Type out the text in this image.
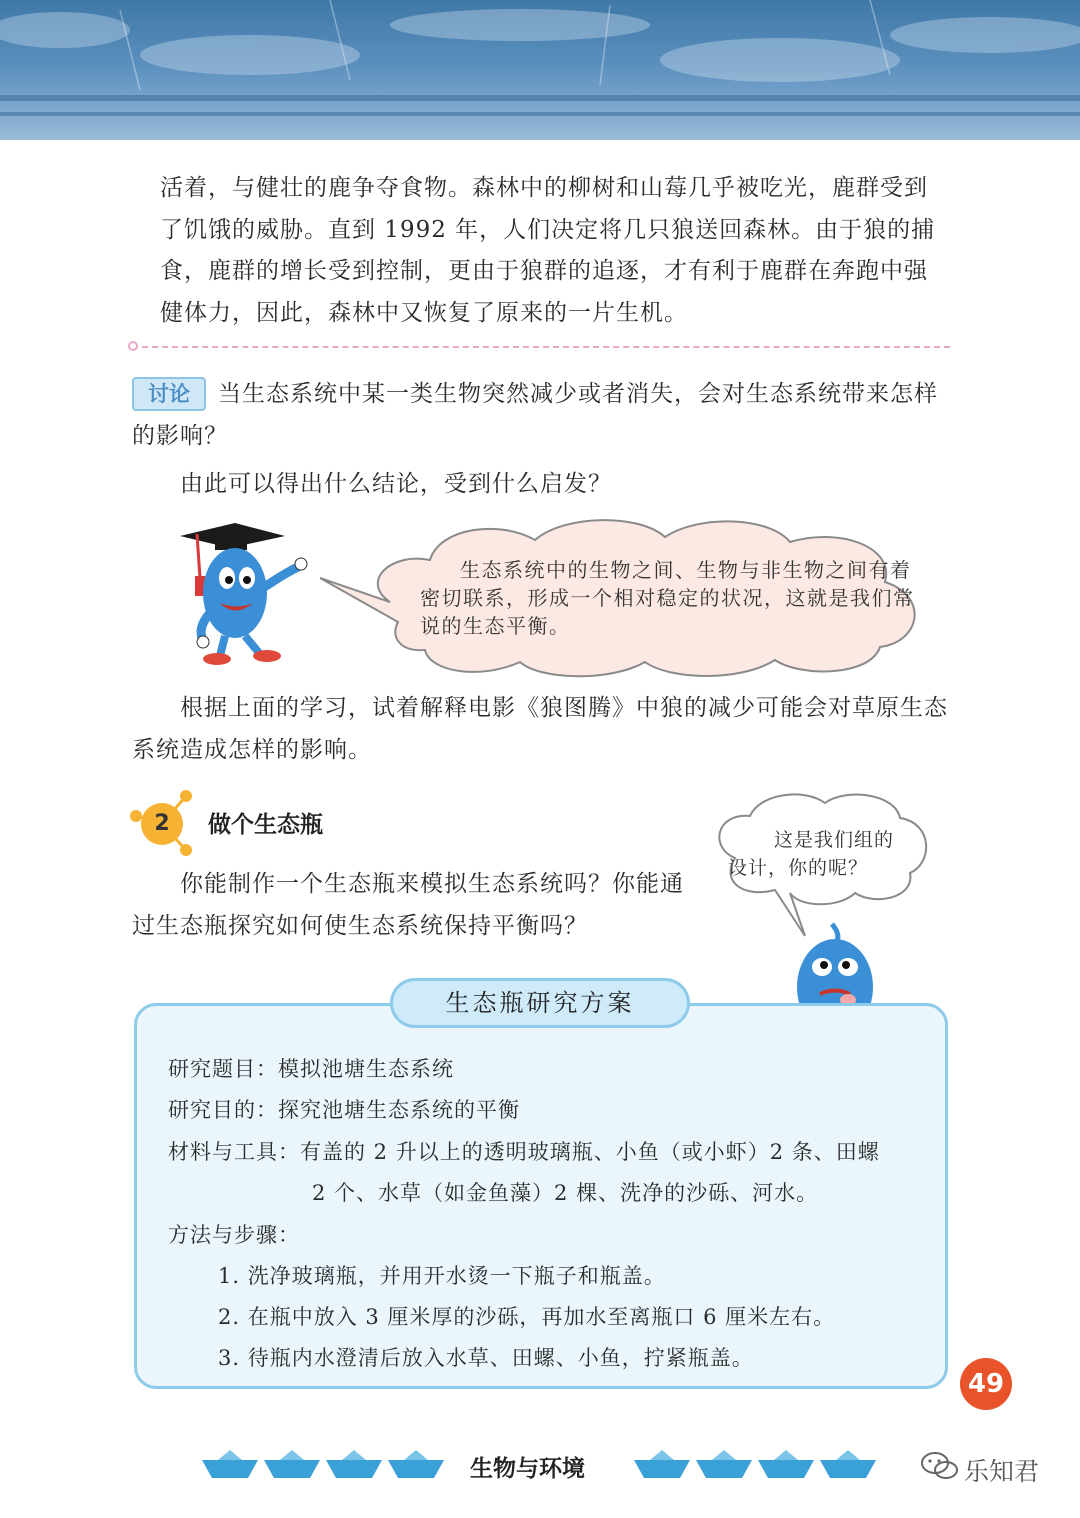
活着，与健壮的鹿争夺食物。森林中的柳树和山莓几乎被吃光，鹿群受到了饥饿的威胁。直到 1992 年，人们决定将几只狼送回森林。由于狼的捕食，鹿群的增长受到控制，更由于狼群的追逐，才有利于鹿群在奔跑中强健体力，因此，森林中又恢复了原来的一片生机。

讨论	当生态系统中某一类生物突然减少或者消失，会对生态系统带来怎样的影响？

由此可以得出什么结论，受到什么启发？

生态系统中的生物之间、生物与非生物之间有着密切联系，形成一个相对稳定的状况，这就是我们常说的生态平衡。

根据上面的学习，试着解释电影《狼图腾》中狼的减少可能会对草原生态系统造成怎样的影响。

2	做个生态瓶

你能制作一个生态瓶来模拟生态系统吗？你能通过生态瓶探究如何使生态系统保持平衡吗？

这是我们组的设计，你的呢？

生态瓶研究方案

研究题目：模拟池塘生态系统

研究目的：探究池塘生态系统的平衡

材料与工具：有盖的 2 升以上的透明玻璃瓶、小鱼（或小虾）2 条、田螺

2 个、水草（如金鱼藻）2 棵、洗净的沙砾、河水。

方法与步骤：

1. 洗净玻璃瓶，并用开水烫一下瓶子和瓶盖。

2. 在瓶中放入 3 厘米厚的沙砾，再加水至离瓶口 6 厘米左右。

3. 待瓶内水澄清后放入水草、田螺、小鱼，拧紧瓶盖。

49
生物与环境	乐知君
